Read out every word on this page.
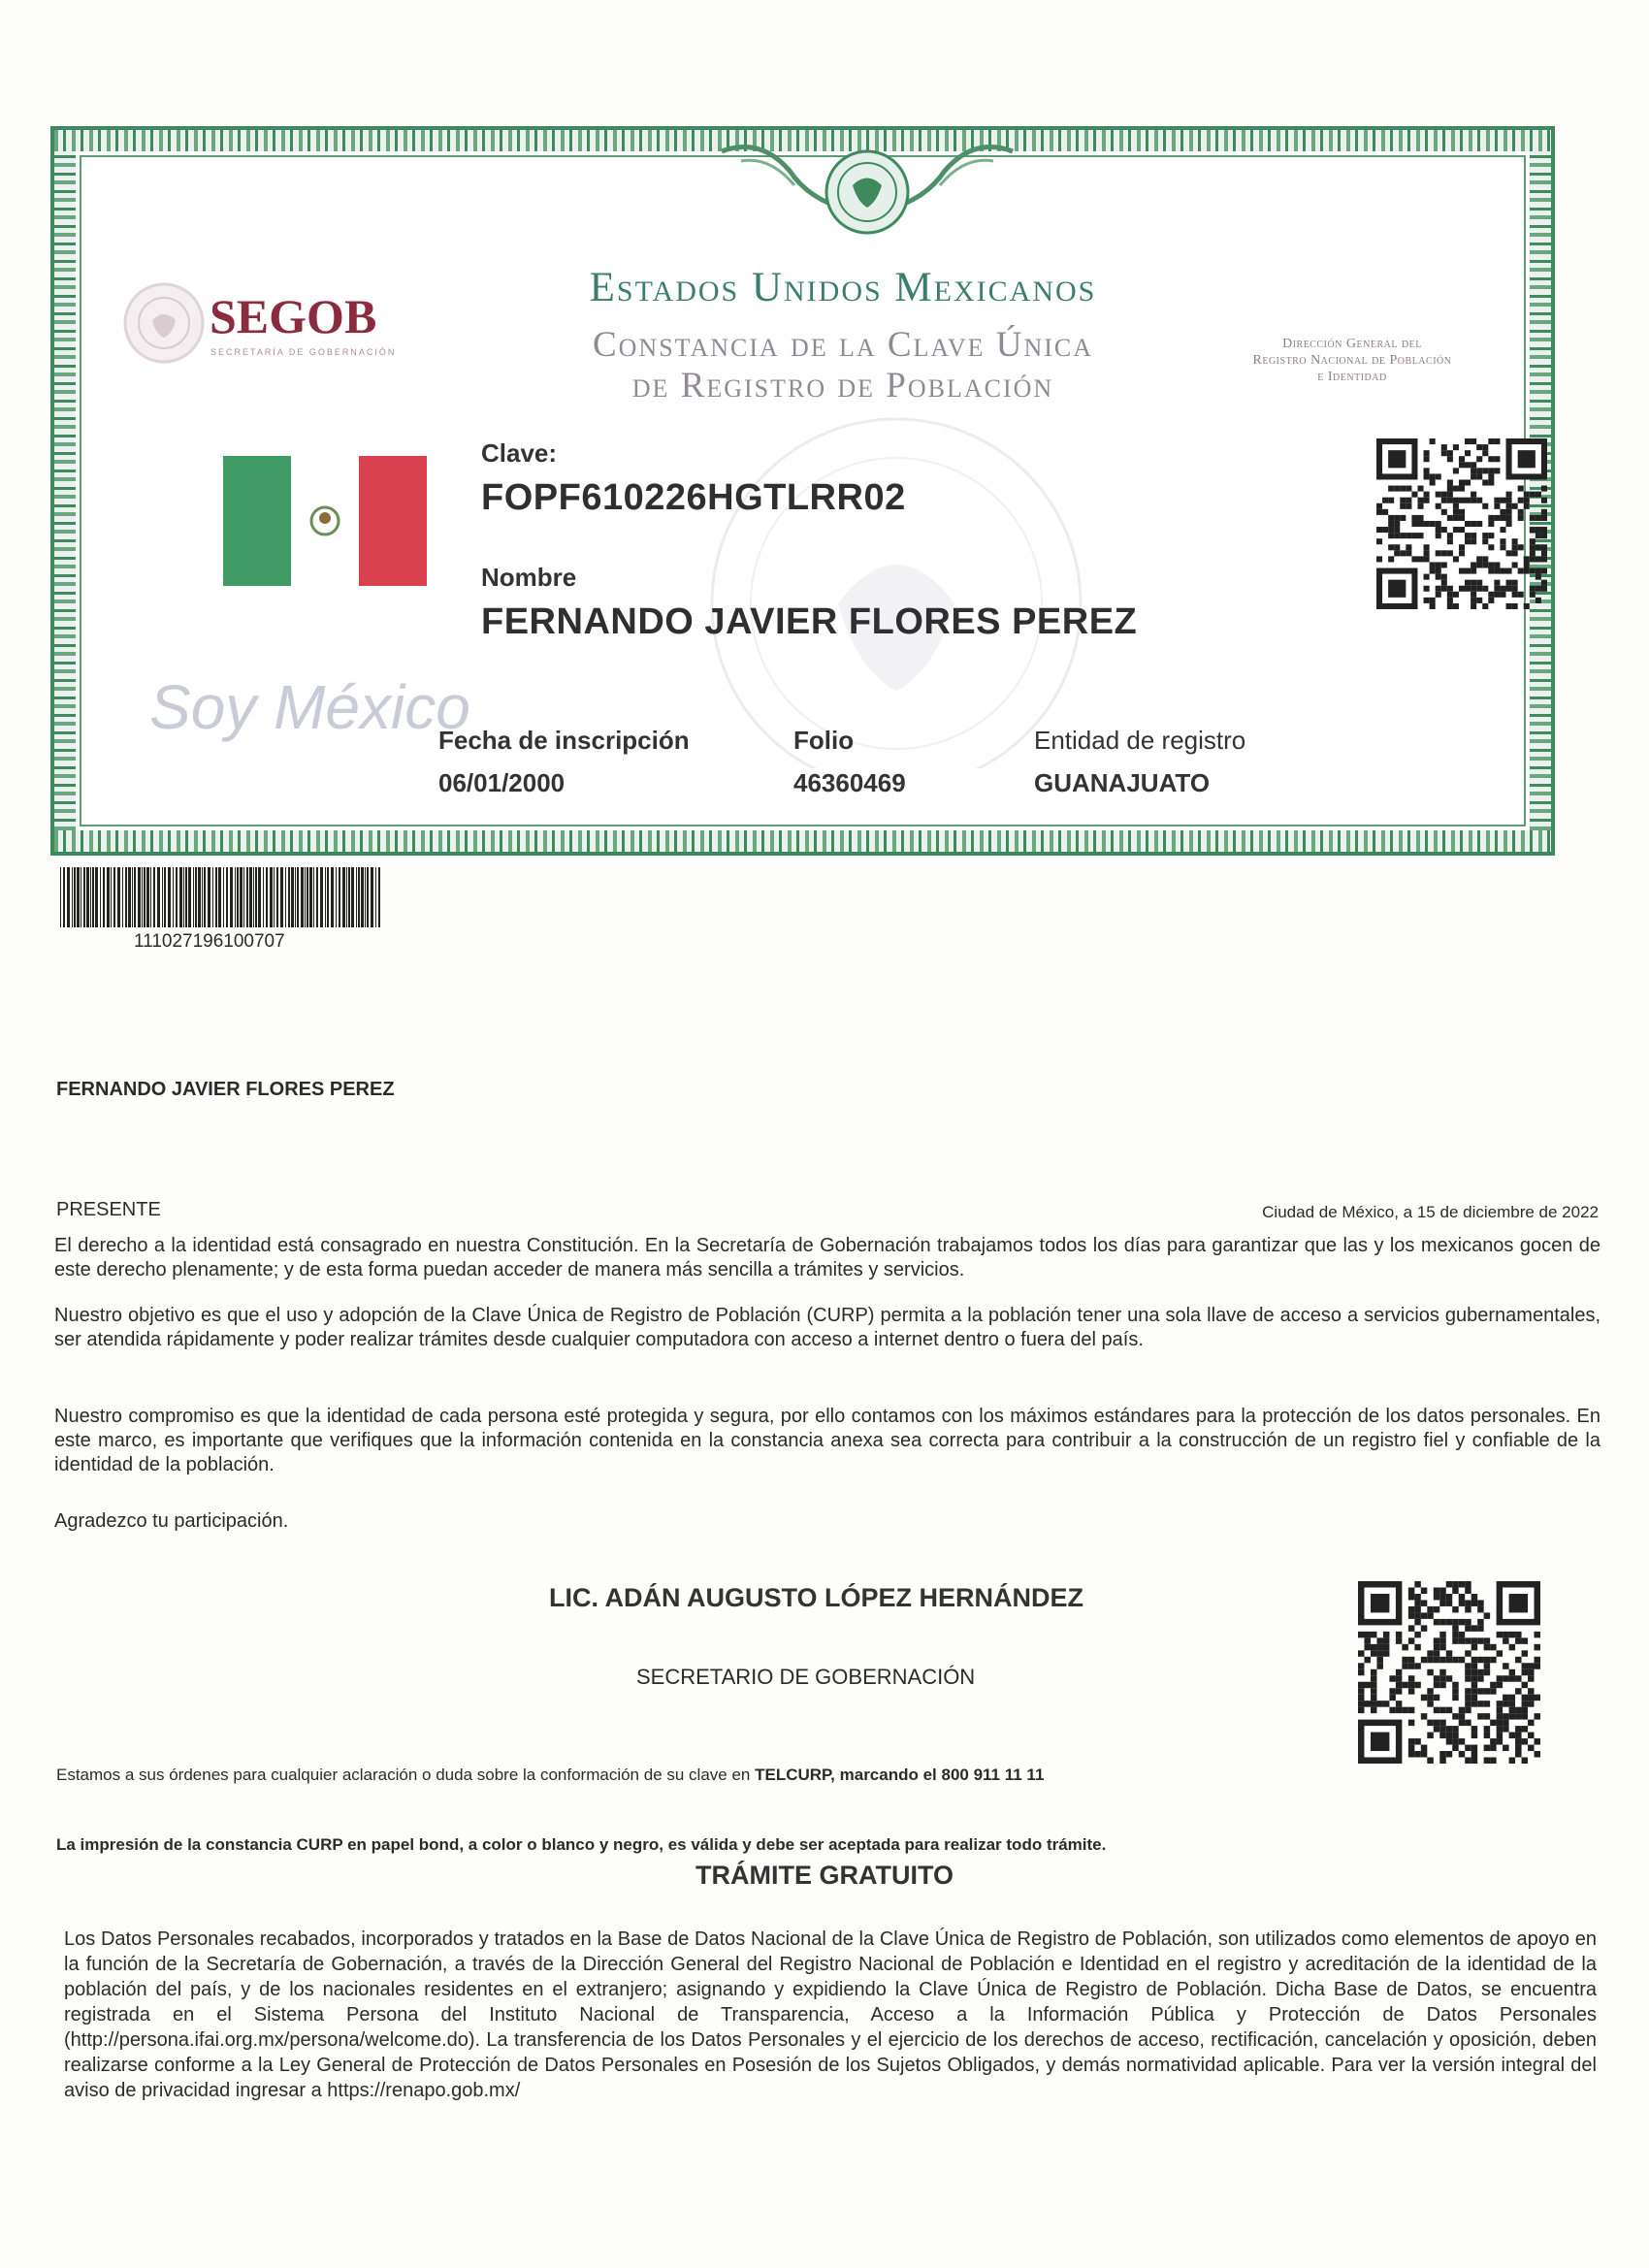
SEGOB
SECRETARÍA DE GOBERNACIÓN
Estados Unidos Mexicanos
Constancia de la Clave Única
de Registro de Población
Dirección General del
Registro Nacional de Población
e Identidad
Soy México
Clave:
FOPF610226HGTLRR02
Nombre
FERNANDO JAVIER FLORES PEREZ
Fecha de inscripción
06/01/2000
Folio
46360469
Entidad de registro
GUANAJUATO
111027196100707
FERNANDO JAVIER FLORES PEREZ
PRESENTE	Ciudad de México, a 15 de diciembre de 2022
El derecho a la identidad está consagrado en nuestra Constitución. En la Secretaría de Gobernación trabajamos todos los días para garantizar que las y los mexicanos gocen de este derecho plenamente; y de esta forma puedan acceder de manera más sencilla a trámites y servicios.
Nuestro objetivo es que el uso y adopción de la Clave Única de Registro de Población (CURP) permita a la población tener una sola llave de acceso a servicios gubernamentales, ser atendida rápidamente y poder realizar trámites desde cualquier computadora con acceso a internet dentro o fuera del país.
Nuestro compromiso es que la identidad de cada persona esté protegida y segura, por ello contamos con los máximos estándares para la protección de los datos personales. En este marco, es importante que verifiques que la información contenida en la constancia anexa sea correcta para contribuir a la construcción de un registro fiel y confiable de la identidad de la población.
Agradezco tu participación.
LIC. ADÁN AUGUSTO LÓPEZ HERNÁNDEZ
SECRETARIO DE GOBERNACIÓN
Estamos a sus órdenes para cualquier aclaración o duda sobre la conformación de su clave en TELCURP, marcando el 800 911 11 11
La impresión de la constancia CURP en papel bond, a color o blanco y negro, es válida y debe ser aceptada para realizar todo trámite.
TRÁMITE GRATUITO
Los Datos Personales recabados, incorporados y tratados en la Base de Datos Nacional de la Clave Única de Registro de Población, son utilizados como elementos de apoyo en la función de la Secretaría de Gobernación, a través de la Dirección General del Registro Nacional de Población e Identidad en el registro y acreditación de la identidad de la población del país, y de los nacionales residentes en el extranjero; asignando y expidiendo la Clave Única de Registro de Población. Dicha Base de Datos, se encuentra registrada en el Sistema Persona del Instituto Nacional de Transparencia, Acceso a la Información Pública y Protección de Datos Personales (http://persona.ifai.org.mx/persona/welcome.do). La transferencia de los Datos Personales y el ejercicio de los derechos de acceso, rectificación, cancelación y oposición, deben realizarse conforme a la Ley General de Protección de Datos Personales en Posesión de los Sujetos Obligados, y demás normatividad aplicable. Para ver la versión integral del aviso de privacidad ingresar a https://renapo.gob.mx/
